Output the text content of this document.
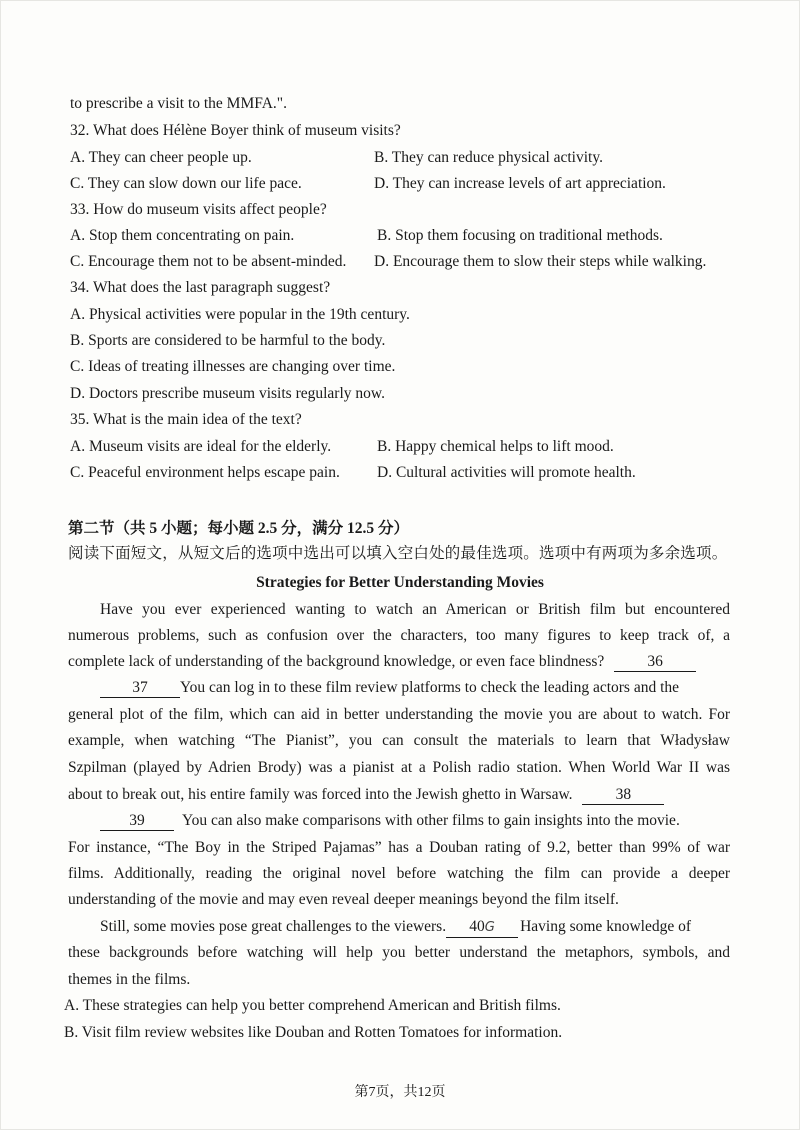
to prescribe a visit to the MMFA.".
32. What does Hélène Boyer think of museum visits?
A. They can cheer people up.	B. They can reduce physical activity.
C. They can slow down our life pace.	D. They can increase levels of art appreciation.
33. How do museum visits affect people?
A. Stop them concentrating on pain.	B. Stop them focusing on traditional methods.
C. Encourage them not to be absent-minded. D. Encourage them to slow their steps while walking.
34. What does the last paragraph suggest?
A. Physical activities were popular in the 19th century.
B. Sports are considered to be harmful to the body.
C. Ideas of treating illnesses are changing over time.
D. Doctors prescribe museum visits regularly now.
35. What is the main idea of the text?
A. Museum visits are ideal for the elderly.	B. Happy chemical helps to lift mood.
C. Peaceful environment helps escape pain. D. Cultural activities will promote health.
第二节（共 5 小题；每小题 2.5 分，满分 12.5 分）
阅读下面短文，从短文后的选项中选出可以填入空白处的最佳选项。选项中有两项为多余选项。
Strategies for Better Understanding Movies
Have you ever experienced wanting to watch an American or British film but encountered
numerous problems, such as confusion over the characters, too many figures to keep track of, a
complete lack of understanding of the background knowledge, or even face blindness?	36
37 You can log in to these film review platforms to check the leading actors and the
general plot of the film, which can aid in better understanding the movie you are about to watch. For
example, when watching “The Pianist”, you can consult the materials to learn that Władysław
Szpilman (played by Adrien Brody) was a pianist at a Polish radio station. When World War II was
about to break out, his entire family was forced into the Jewish ghetto in Warsaw.	38
39 You can also make comparisons with other films to gain insights into the movie.
For instance, “The Boy in the Striped Pajamas” has a Douban rating of 9.2, better than 99% of war
films. Additionally, reading the original novel before watching the film can provide a deeper
understanding of the movie and may even reveal deeper meanings beyond the film itself.
Still, some movies pose great challenges to the viewers. 40G Having some knowledge of
these backgrounds before watching will help you better understand the metaphors, symbols, and
themes in the films.
A. These strategies can help you better comprehend American and British films.
B. Visit film review websites like Douban and Rotten Tomatoes for information.
第7页，共12页
